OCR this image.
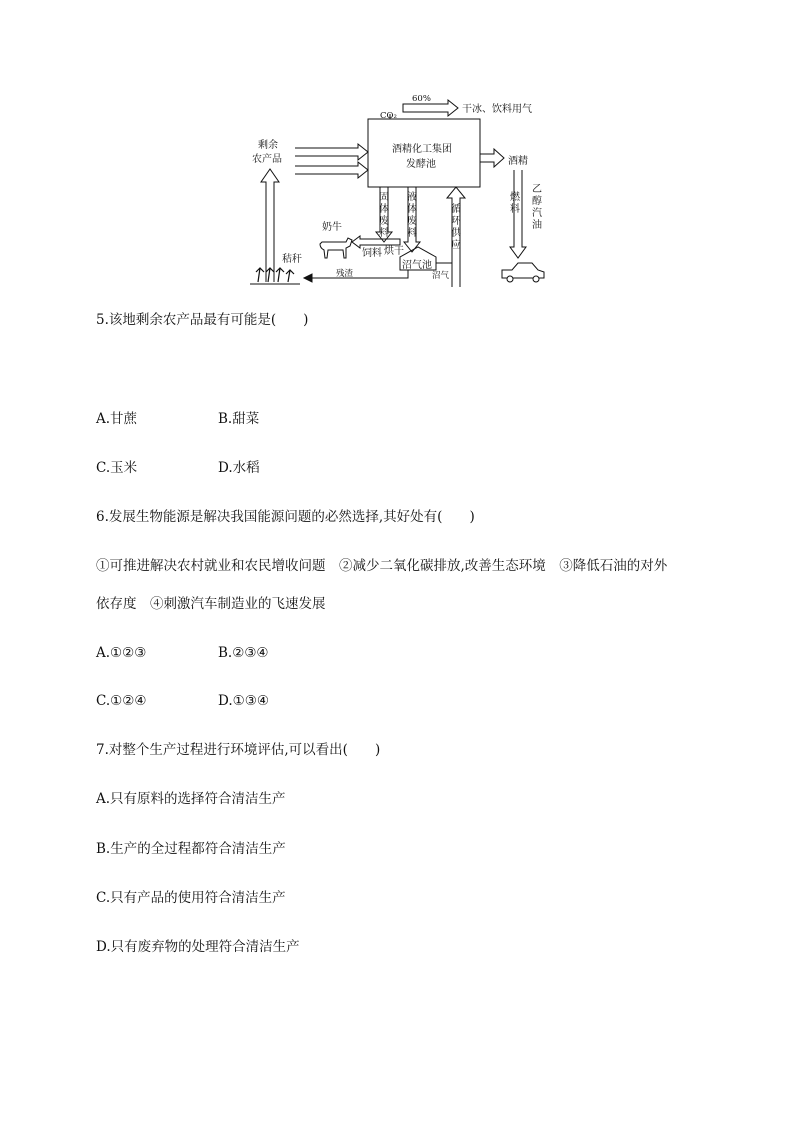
CO₂
60%
干冰、饮料用气
剩余
农产品
酒精化工集团
发酵池	酒精
燃
料
乙
醇
汽
油
固
体
废
料
液
体
废
料
循
环
供
应
奶牛
饲料 烘干
沼气池
秸秆
残渣	沼气
5.该地剩余农产品最有可能是(　　)
A.甘蔗	B.甜菜
C.玉米	D.水稻
6.发展生物能源是解决我国能源问题的必然选择,其好处有(　　)
①可推进解决农村就业和农民增收问题　②减少二氧化碳排放,改善生态环境　③降低石油的对外
依存度　④刺激汽车制造业的飞速发展
A.①②③	B.②③④
C.①②④	D.①③④
7.对整个生产过程进行环境评估,可以看出(　　)
A.只有原料的选择符合清洁生产
B.生产的全过程都符合清洁生产
C.只有产品的使用符合清洁生产
D.只有废弃物的处理符合清洁生产
